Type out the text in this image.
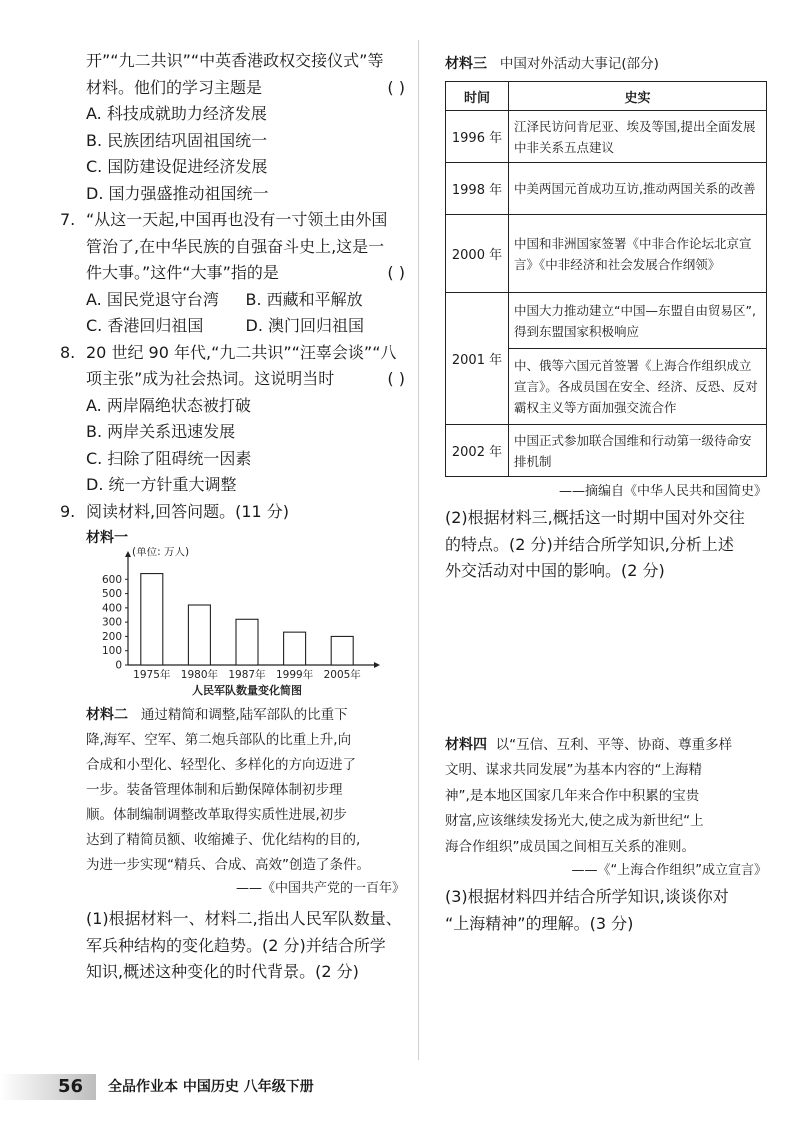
开”“九二共识”“中英香港政权交接仪式”等
材料。他们的学习主题是	( )
A. 科技成就助力经济发展
B. 民族团结巩固祖国统一
C. 国防建设促进经济发展
D. 国力强盛推动祖国统一
7. “从这一天起,中国再也没有一寸领土由外国
管治了,在中华民族的自强奋斗史上,这是一
件大事。”这件“大事”指的是	( )
A. 国民党退守台湾	B. 西藏和平解放
C. 香港回归祖国	D. 澳门回归祖国
8. 20 世纪 90 年代,“九二共识”“汪辜会谈”“八
项主张”成为社会热词。这说明当时	( )
A. 两岸隔绝状态被打破
B. 两岸关系迅速发展
C. 扫除了阻碍统一因素
D. 统一方针重大调整
9. 阅读材料,回答问题。(11 分)
材料一
(单位: 万人)
0
100
200
300
400
500
600
1975年 1980年 1987年 1999年 2005年
人民军队数量变化简图
材料二 通过精简和调整,陆军部队的比重下
降,海军、空军、第二炮兵部队的比重上升,向
合成和小型化、轻型化、多样化的方向迈进了
一步。装备管理体制和后勤保障体制初步理
顺。体制编制调整改革取得实质性进展,初步
达到了精简员额、收缩摊子、优化结构的目的,
为进一步实现“精兵、合成、高效”创造了条件。
——《中国共产党的一百年》
(1)根据材料一、材料二,指出人民军队数量、
军兵种结构的变化趋势。(2 分)并结合所学
知识,概述这种变化的时代背景。(2 分)
材料三 中国对外活动大事记(部分)
时间	史实
1996 年	江泽民访问肯尼亚、埃及等国,提出全面发展中非关系五点建议
1998 年	中美两国元首成功互访,推动两国关系的改善
2000 年	中国和非洲国家签署《中非合作论坛北京宣言》《中非经济和社会发展合作纲领》
2001 年	中国大力推动建立“中国—东盟自由贸易区”,得到东盟国家积极响应
	中、俄等六国元首签署《上海合作组织成立宣言》。各成员国在安全、经济、反恐、反对霸权主义等方面加强交流合作
2002 年	中国正式参加联合国维和行动第一级待命安排机制
——摘编自《中华人民共和国简史》
(2)根据材料三,概括这一时期中国对外交往
的特点。(2 分)并结合所学知识,分析上述
外交活动对中国的影响。(2 分)
材料四 以“互信、互利、平等、协商、尊重多样
文明、谋求共同发展”为基本内容的“上海精
神”,是本地区国家几年来合作中积累的宝贵
财富,应该继续发扬光大,使之成为新世纪“上
海合作组织”成员国之间相互关系的准则。
——《“上海合作组织”成立宣言》
(3)根据材料四并结合所学知识,谈谈你对
“上海精神”的理解。(3 分)
56 全品作业本 中国历史 八年级下册
